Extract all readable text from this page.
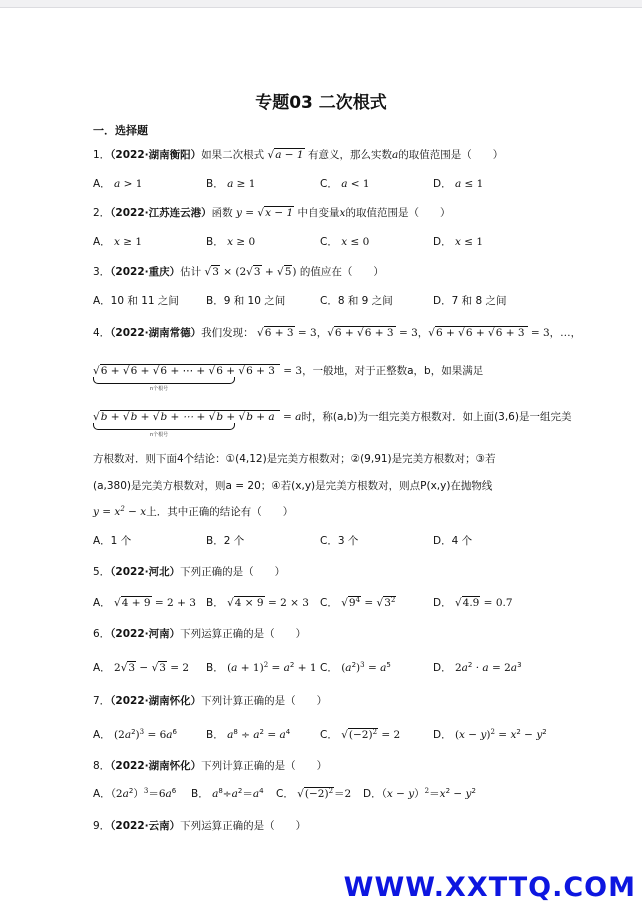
专题03 二次根式
一．选择题
1．（2022·湖南衡阳）如果二次根式 √a − 1 有意义，那么实数a的取值范围是（　　）
A． a > 1	B． a ≥ 1	C． a < 1	D． a ≤ 1
2．（2022·江苏连云港）函数 y = √x − 1 中自变量x的取值范围是（　　）
A． x ≥ 1	B． x ≥ 0	C． x ≤ 0	D． x ≤ 1
3．（2022·重庆）估计 √3 × (2√3 + √5) 的值应在（　　）
A．10 和 11 之间	B．9 和 10 之间	C．8 和 9 之间	D．7 和 8 之间
4．（2022·湖南常德）我们发现： √6 + 3 = 3，√6 + √6 + 3 = 3，√6 + √6 + √6 + 3 = 3，…，
√6 + √6 + √6 + ⋯ + √6 + √6 + 3 = 3，一般地，对于正整数a，b，如果满足
n个根号
√b + √b + √b + ⋯ + √b + √b + a = a时，称(a,b)为一组完美方根数对．如上面(3,6)是一组完美
n个根号
方根数对．则下面4个结论：①(4,12)是完美方根数对；②(9,91)是完美方根数对；③若
(a,380)是完美方根数对，则a = 20；④若(x,y)是完美方根数对，则点P(x,y)在抛物线
$y = x^2 - x$上．其中正确的结论有（　　）
A．1 个	B．2 个	C．3 个	D．4 个
5．（2022·河北）下列正确的是（　　）
A． √4 + 9 = 2 + 3 B． √4 × 9 = 2 × 3 C． $√9^4 = √3^2$	D． √4.9 = 0.7
6．（2022·河南）下列运算正确的是（　　）
A． 2√3 − √3 = 2 B． $(a + 1)^2 = a^2 + 1$ C． $(a^2)^3 = a^5$	D． $2a^2 \cdot a = 2a^3$
7．（2022·湖南怀化）下列计算正确的是（　　）
A． $(2a^2)^3 = 6a^6$	B． $a^8 \div a^2 = a^4$	C． $√(-2)^2 = 2$	D． $(x - y)^2 = x^2 - y^2$
8．（2022·湖南怀化）下列计算正确的是（　　）
A．$(2a^2)^3=6a^6$ B． $a^8\div a^2=a^4$ C． $√(-2)^2=2$ D．$(x - y)^2=x^2 - y^2$
9．（2022·云南）下列运算正确的是（　　）
WWW.XXTTQ.COM
